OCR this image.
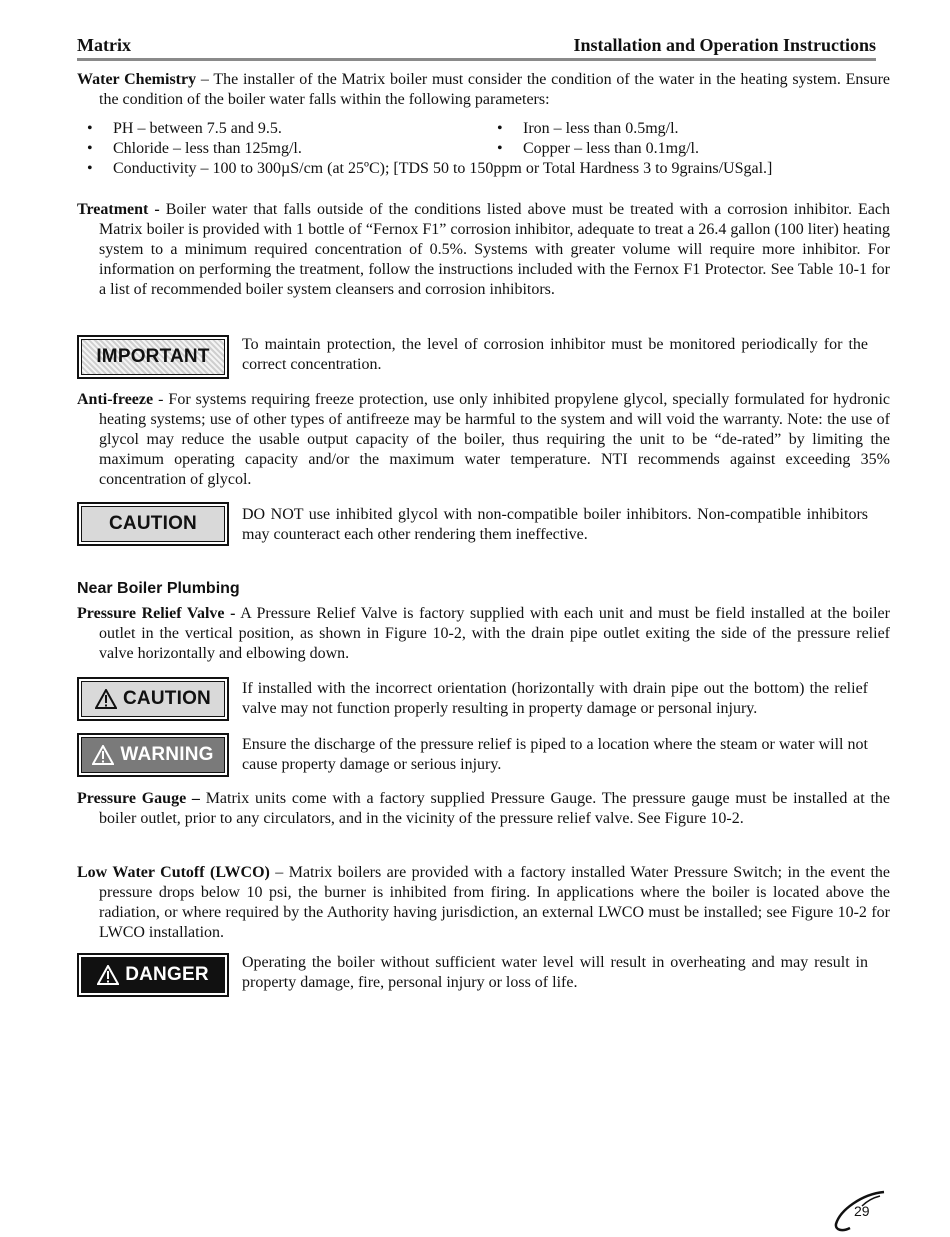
Matrix	Installation and Operation Instructions
Water Chemistry – The installer of the Matrix boiler must consider the condition of the water in the heating system. Ensure the condition of the boiler water falls within the following parameters:
PH – between 7.5 and 9.5.	Iron – less than 0.5mg/l.
Chloride – less than 125mg/l.	Copper – less than 0.1mg/l.
Conductivity – 100 to 300µS/cm (at 25ºC); [TDS 50 to 150ppm or Total Hardness 3 to 9grains/USgal.]
Treatment - Boiler water that falls outside of the conditions listed above must be treated with a corrosion inhibitor. Each Matrix boiler is provided with 1 bottle of “Fernox F1” corrosion inhibitor, adequate to treat a 26.4 gallon (100 liter) heating system to a minimum required concentration of 0.5%. Systems with greater volume will require more inhibitor. For information on performing the treatment, follow the instructions included with the Fernox F1 Protector. See Table 10-1 for a list of recommended boiler system cleansers and corrosion inhibitors.
IMPORTANT
To maintain protection, the level of corrosion inhibitor must be monitored periodically for the correct concentration.
Anti-freeze - For systems requiring freeze protection, use only inhibited propylene glycol, specially formulated for hydronic heating systems; use of other types of antifreeze may be harmful to the system and will void the warranty. Note: the use of glycol may reduce the usable output capacity of the boiler, thus requiring the unit to be “de-rated” by limiting the maximum operating capacity and/or the maximum water temperature. NTI recommends against exceeding 35% concentration of glycol.
CAUTION	DO NOT use inhibited glycol with non-compatible boiler inhibitors. Non-compatible inhibitors may counteract each other rendering them ineffective.
Near Boiler Plumbing
Pressure Relief Valve - A Pressure Relief Valve is factory supplied with each unit and must be field installed at the boiler outlet in the vertical position, as shown in Figure 10-2, with the drain pipe outlet exiting the side of the pressure relief valve horizontally and elbowing down.
CAUTION If installed with the incorrect orientation (horizontally with drain pipe out the bottom) the relief valve may not function properly resulting in property damage or personal injury.
WARNING Ensure the discharge of the pressure relief is piped to a location where the steam or water will not cause property damage or serious injury.
Pressure Gauge – Matrix units come with a factory supplied Pressure Gauge. The pressure gauge must be installed at the boiler outlet, prior to any circulators, and in the vicinity of the pressure relief valve. See Figure 10-2.
Low Water Cutoff (LWCO) – Matrix boilers are provided with a factory installed Water Pressure Switch; in the event the pressure drops below 10 psi, the burner is inhibited from firing. In applications where the boiler is located above the radiation, or where required by the Authority having jurisdiction, an external LWCO must be installed; see Figure 10-2 for LWCO installation.
DANGER
Operating the boiler without sufficient water level will result in overheating and may result in property damage, fire, personal injury or loss of life.
29
